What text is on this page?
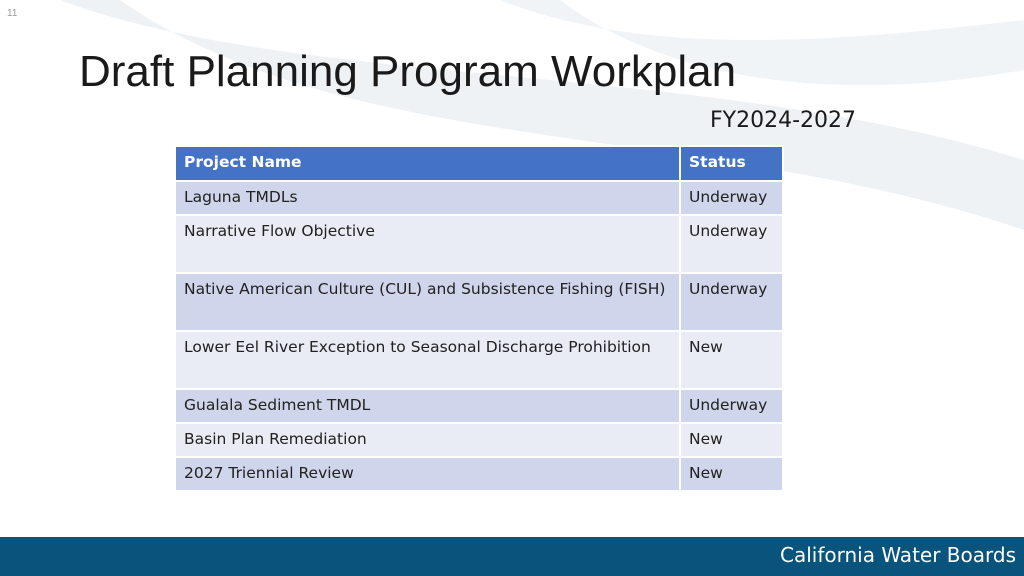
11
Draft Planning Program Workplan
FY2024-2027
Project Name	Status
Laguna TMDLs	Underway
Narrative Flow Objective	Underway
Native American Culture (CUL) and Subsistence Fishing (FISH)	Underway
Lower Eel River Exception to Seasonal Discharge Prohibition	New
Gualala Sediment TMDL	Underway
Basin Plan Remediation	New
2027 Triennial Review	New
California Water Boards
